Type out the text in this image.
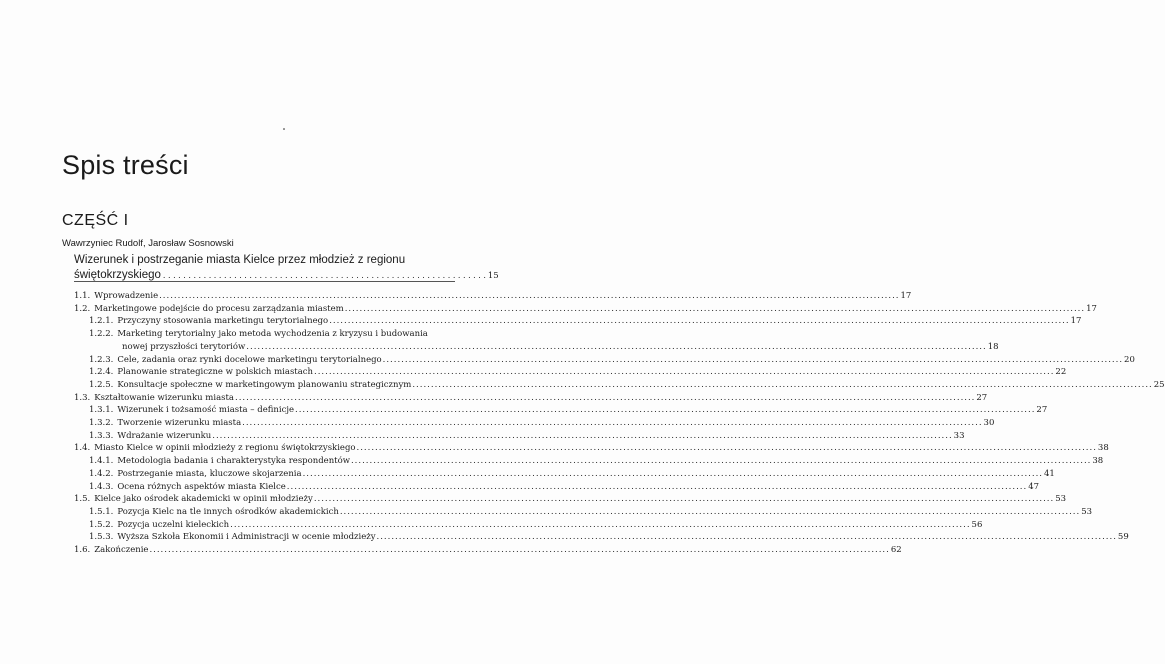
Spis treści
CZĘŚĆ I
Wawrzyniec Rudolf, Jarosław Sosnowski
Wizerunek i postrzeganie miasta Kielce przez młodzież z regionu
świętokrzyskiego . . . . . . . . . . . . . . . . . . . . . . . . . . . . . . . . . . . . . . . . . . . . . . . . . . . . . . . . . . . . . . . . 15
1.1. Wprowadzenie ........................................................................................................................................................................................................ 17
1.2. Marketingowe podejście do procesu zarządzania miastem ........................................................................................................................................................................................................ 17
1.2.1. Przyczyny stosowania marketingu terytorialnego ........................................................................................................................................................................................................ 17
1.2.2. Marketing terytorialny jako metoda wychodzenia z kryzysu i budowania
nowej przyszłości terytoriów ........................................................................................................................................................................................................ 18
1.2.3. Cele, zadania oraz rynki docelowe marketingu terytorialnego ........................................................................................................................................................................................................ 20
1.2.4. Planowanie strategiczne w polskich miastach ........................................................................................................................................................................................................ 22
1.2.5. Konsultacje społeczne w marketingowym planowaniu strategicznym ........................................................................................................................................................................................................ 25
1.3. Kształtowanie wizerunku miasta ........................................................................................................................................................................................................ 27
1.3.1. Wizerunek i tożsamość miasta – definicje ........................................................................................................................................................................................................ 27
1.3.2. Tworzenie wizerunku miasta ........................................................................................................................................................................................................ 30
1.3.3. Wdrażanie wizerunku ........................................................................................................................................................................................................ 33
1.4. Miasto Kielce w opinii młodzieży z regionu świętokrzyskiego ........................................................................................................................................................................................................ 38
1.4.1. Metodologia badania i charakterystyka respondentów ........................................................................................................................................................................................................ 38
1.4.2. Postrzeganie miasta, kluczowe skojarzenia ........................................................................................................................................................................................................ 41
1.4.3. Ocena różnych aspektów miasta Kielce ........................................................................................................................................................................................................ 47
1.5. Kielce jako ośrodek akademicki w opinii młodzieży ........................................................................................................................................................................................................ 53
1.5.1. Pozycja Kielc na tle innych ośrodków akademickich ........................................................................................................................................................................................................ 53
1.5.2. Pozycja uczelni kieleckich ........................................................................................................................................................................................................ 56
1.5.3. Wyższa Szkoła Ekonomii i Administracji w ocenie młodzieży ........................................................................................................................................................................................................ 59
1.6. Zakończenie ........................................................................................................................................................................................................ 62
